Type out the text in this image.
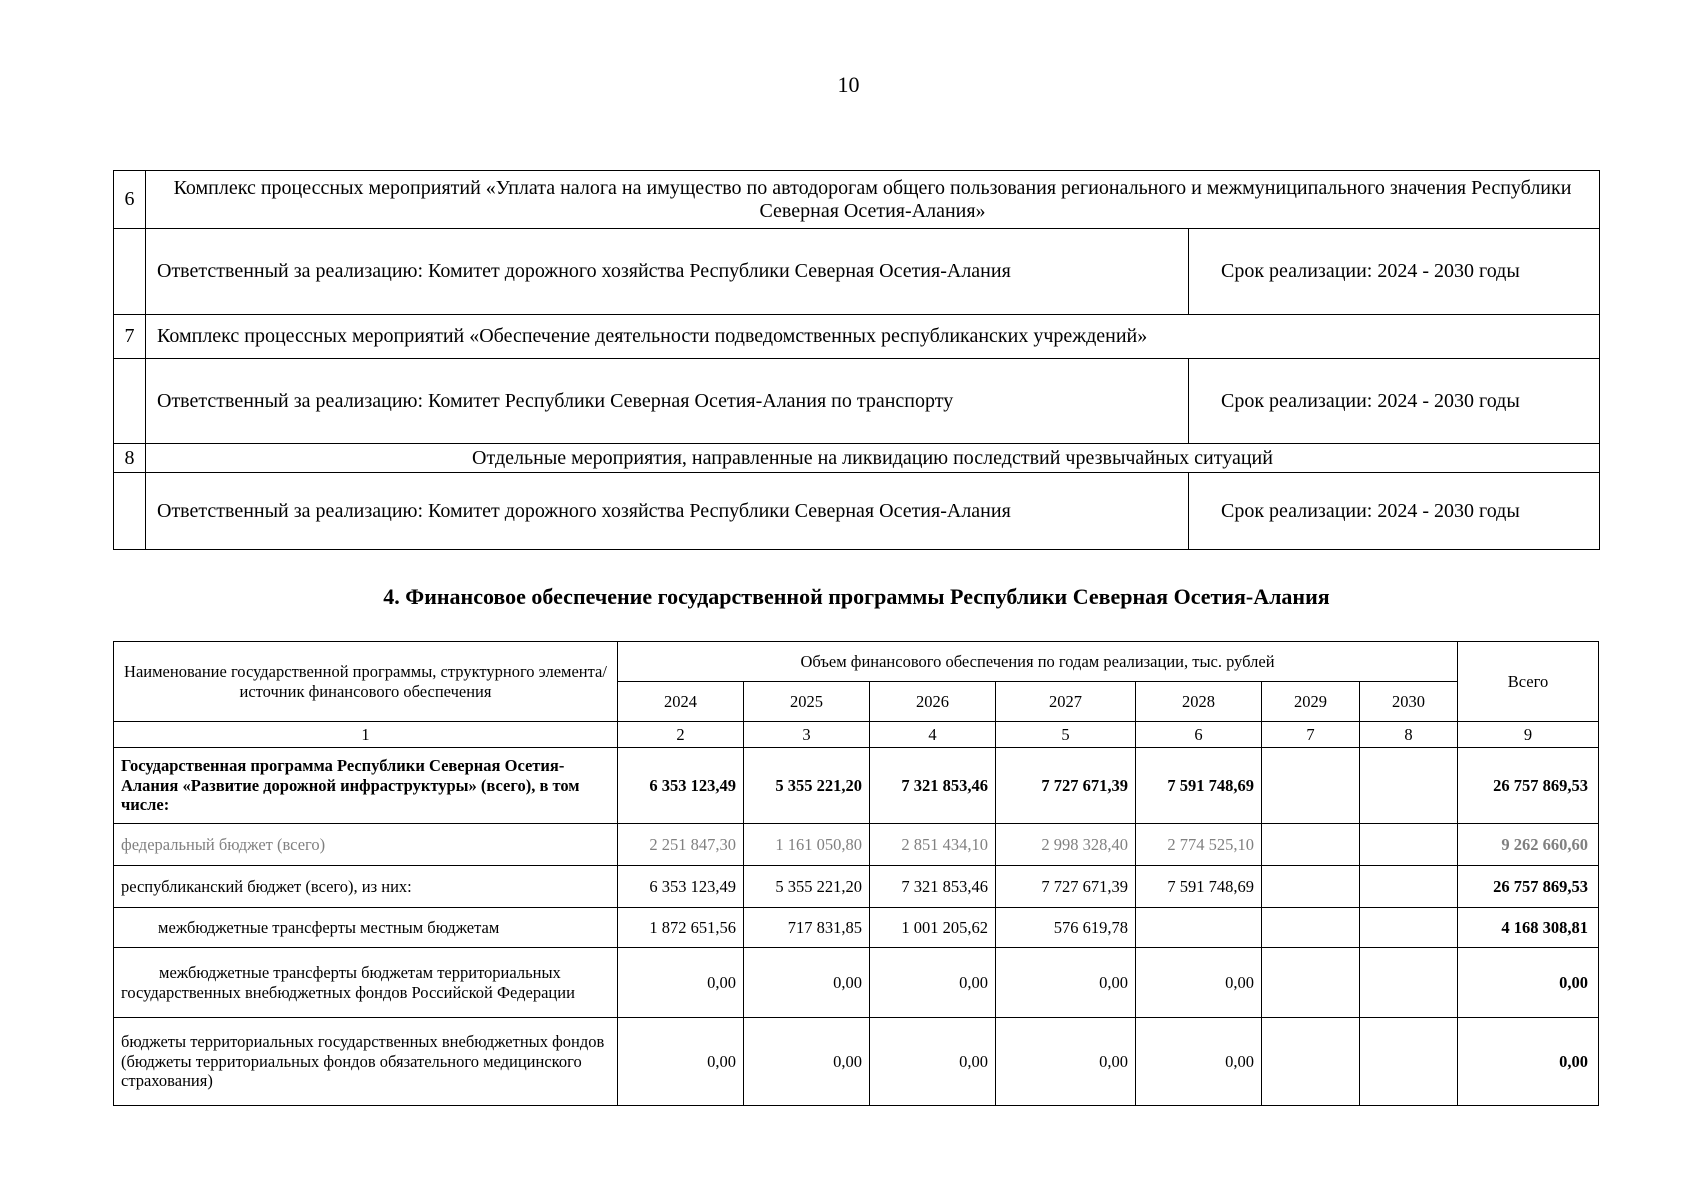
10
6	Комплекс процессных мероприятий «Уплата налога на имущество по автодорогам общего пользования регионального и межмуниципального значения Республики Северная Осетия-Алания»	
	Ответственный за реализацию: Комитет дорожного хозяйства Республики Северная Осетия-Алания	Срок реализации: 2024 - 2030 годы
7	Комплекс процессных мероприятий «Обеспечение деятельности подведомственных республиканских учреждений»	
	Ответственный за реализацию: Комитет Республики Северная Осетия-Алания по транспорту	Срок реализации: 2024 - 2030 годы
8	Отдельные мероприятия, направленные на ликвидацию последствий чрезвычайных ситуаций	
	Ответственный за реализацию: Комитет дорожного хозяйства Республики Северная Осетия-Алания	Срок реализации: 2024 - 2030 годы
4. Финансовое обеспечение государственной программы Республики Северная Осетия-Алания
Наименование государственной программы, структурного элемента/источник финансового обеспечения	Объем финансового обеспечения по годам реализации, тыс. рублей							Всего
	2024	2025	2026	2027	2028	2029	2030	
1	2	3	4	5	6	7	8	9
Государственная программа Республики Северная Осетия-Алания «Развитие дорожной инфраструктуры» (всего), в том числе:	6 353 123,49	5 355 221,20	7 321 853,46	7 727 671,39	7 591 748,69			26 757 869,53
федеральный бюджет (всего)	2 251 847,30	1 161 050,80	2 851 434,10	2 998 328,40	2 774 525,10			9 262 660,60
республиканский бюджет (всего), из них:	6 353 123,49	5 355 221,20	7 321 853,46	7 727 671,39	7 591 748,69			26 757 869,53
межбюджетные трансферты местным бюджетам	1 872 651,56	717 831,85	1 001 205,62	576 619,78				4 168 308,81
межбюджетные трансферты бюджетам территориальных государственных внебюджетных фондов Российской Федерации	0,00	0,00	0,00	0,00	0,00			0,00
бюджеты территориальных государственных внебюджетных фондов (бюджеты территориальных фондов обязательного медицинского страхования)	0,00	0,00	0,00	0,00	0,00			0,00
